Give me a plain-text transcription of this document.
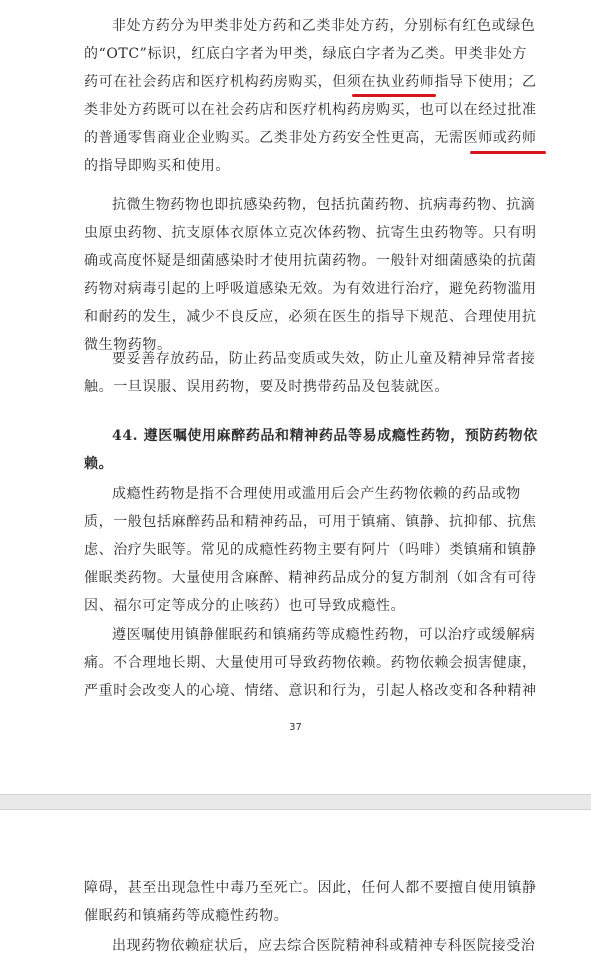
非处方药分为甲类非处方药和乙类非处方药，分别标有红色或绿色
的“OTC”标识，红底白字者为甲类，绿底白字者为乙类。甲类非处方
药可在社会药店和医疗机构药房购买，但须在执业药师指导下使用；乙
类非处方药既可以在社会药店和医疗机构药房购买，也可以在经过批准
的普通零售商业企业购买。乙类非处方药安全性更高，无需医师或药师
的指导即购买和使用。
抗微生物药物也即抗感染药物，包括抗菌药物、抗病毒药物、抗滴
虫原虫药物、抗支原体衣原体立克次体药物、抗寄生虫药物等。只有明
确或高度怀疑是细菌感染时才使用抗菌药物。一般针对细菌感染的抗菌
药物对病毒引起的上呼吸道感染无效。为有效进行治疗，避免药物滥用
和耐药的发生，减少不良反应，必须在医生的指导下规范、合理使用抗
微生物药物。
要妥善存放药品，防止药品变质或失效，防止儿童及精神异常者接
触。一旦误服、误用药物，要及时携带药品及包装就医。
44. 遵医嘱使用麻醉药品和精神药品等易成瘾性药物，预防药物依
赖。
成瘾性药物是指不合理使用或滥用后会产生药物依赖的药品或物
质，一般包括麻醉药品和精神药品，可用于镇痛、镇静、抗抑郁、抗焦
虑、治疗失眠等。常见的成瘾性药物主要有阿片（吗啡）类镇痛和镇静
催眠类药物。大量使用含麻醉、精神药品成分的复方制剂（如含有可待
因、福尔可定等成分的止咳药）也可导致成瘾性。
遵医嘱使用镇静催眠药和镇痛药等成瘾性药物，可以治疗或缓解病
痛。不合理地长期、大量使用可导致药物依赖。药物依赖会损害健康，
严重时会改变人的心境、情绪、意识和行为，引起人格改变和各种精神
37
障碍，甚至出现急性中毒乃至死亡。因此，任何人都不要擅自使用镇静
催眠药和镇痛药等成瘾性药物。
出现药物依赖症状后，应去综合医院精神科或精神专科医院接受治
